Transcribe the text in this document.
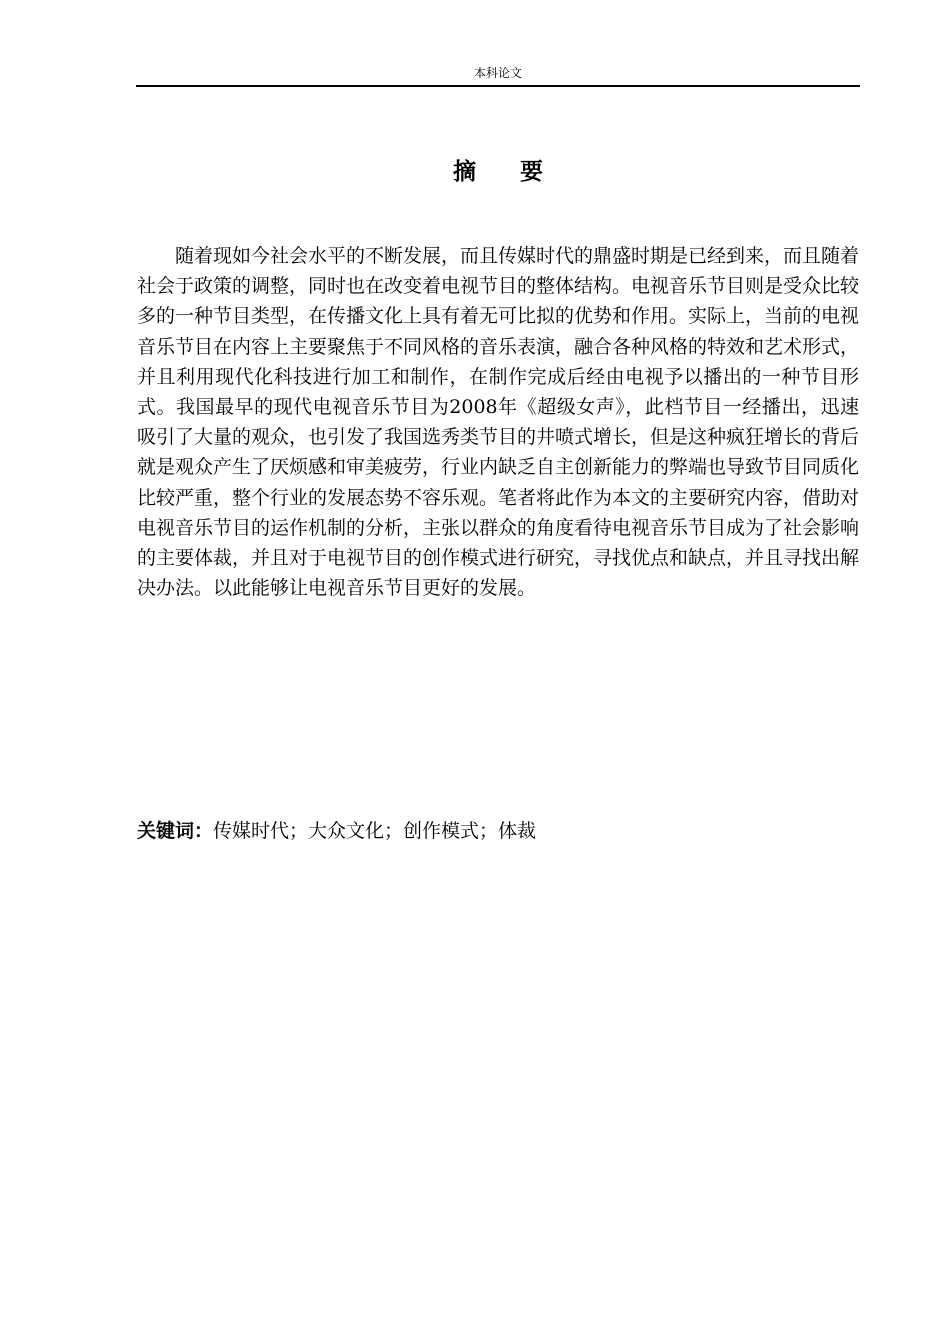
本科论文
摘要

随着现如今社会水平的不断发展，而且传媒时代的鼎盛时期是已经到来，而且随着社会于政策的调整，同时也在改变着电视节目的整体结构。电视音乐节目则是受众比较多的一种节目类型，在传播文化上具有着无可比拟的优势和作用。实际上，当前的电视音乐节目在内容上主要聚焦于不同风格的音乐表演，融合各种风格的特效和艺术形式，并且利用现代化科技进行加工和制作，在制作完成后经由电视予以播出的一种节目形式。我国最早的现代电视音乐节目为2008年《超级女声》，此档节目一经播出，迅速吸引了大量的观众，也引发了我国选秀类节目的井喷式增长，但是这种疯狂增长的背后就是观众产生了厌烦感和审美疲劳，行业内缺乏自主创新能力的弊端也导致节目同质化比较严重，整个行业的发展态势不容乐观。笔者将此作为本文的主要研究内容，借助对电视音乐节目的运作机制的分析，主张以群众的角度看待电视音乐节目成为了社会影响的主要体裁，并且对于电视节目的创作模式进行研究，寻找优点和缺点，并且寻找出解决办法。以此能够让电视音乐节目更好的发展。

关键词：传媒时代；大众文化；创作模式；体裁
